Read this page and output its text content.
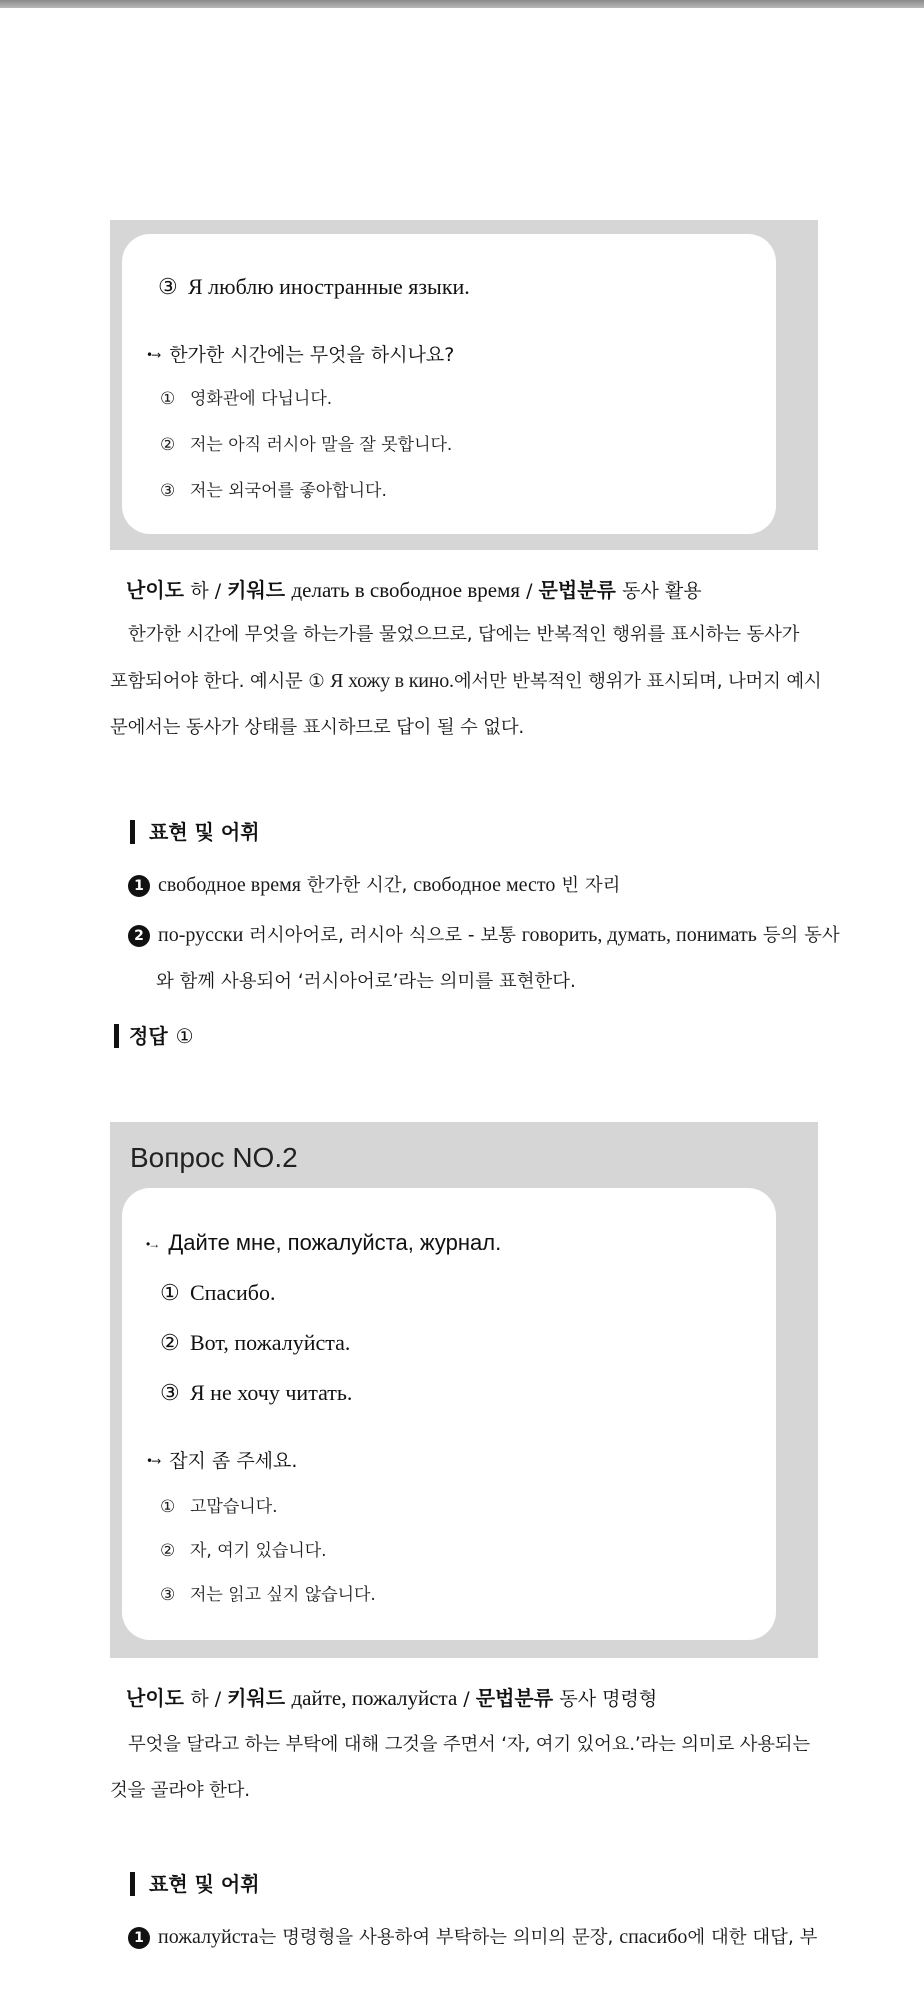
③ Я люблю иностранные языки.
•→ 한가한 시간에는 무엇을 하시나요?
① 영화관에 다닙니다.
② 저는 아직 러시아 말을 잘 못합니다.
③ 저는 외국어를 좋아합니다.
난이도 하 / 키워드 делать в свободное время / 문법분류 동사 활용
한가한 시간에 무엇을 하는가를 물었으므로, 답에는 반복적인 행위를 표시하는 동사가 포함되어야 한다. 예시문 ① Я хожу в кино.에서만 반복적인 행위가 표시되며, 나머지 예시문에서는 동사가 상태를 표시하므로 답이 될 수 없다.
표현 및 어휘
1 свободное время 한가한 시간, свободное место 빈 자리
2 по-русски 러시아어로, 러시아 식으로 - 보통 говорить, думать, понимать 등의 동사와 함께 사용되어 ‘러시아어로’라는 의미를 표현한다.
정답 ①
Вопрос NO.2
•→ Дайте мне, пожалуйста, журнал.
① Спасибо.
② Вот, пожалуйста.
③ Я не хочу читать.
•→ 잡지 좀 주세요.
① 고맙습니다.
② 자, 여기 있습니다.
③ 저는 읽고 싶지 않습니다.
난이도 하 / 키워드 дайте, пожалуйста / 문법분류 동사 명령형
무엇을 달라고 하는 부탁에 대해 그것을 주면서 ‘자, 여기 있어요.’라는 의미로 사용되는 것을 골라야 한다.
표현 및 어휘
1 пожалуйста는 명령형을 사용하여 부탁하는 의미의 문장, спасибо에 대한 대답, 부
